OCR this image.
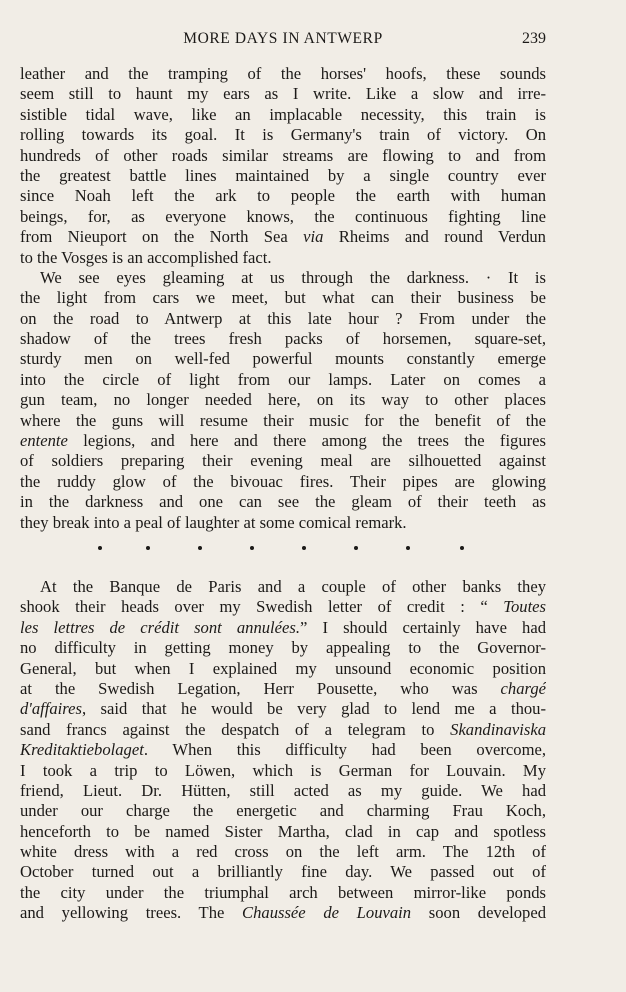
MORE DAYS IN ANTWERP	239
leather and the tramping of the horses' hoofs, these sounds
seem still to haunt my ears as I write. Like a slow and irre-
sistible tidal wave, like an implacable necessity, this train is
rolling towards its goal. It is Germany's train of victory. On
hundreds of other roads similar streams are flowing to and from
the greatest battle lines maintained by a single country ever
since Noah left the ark to people the earth with human
beings, for, as everyone knows, the continuous fighting line
from Nieuport on the North Sea via Rheims and round Verdun
to the Vosges is an accomplished fact.
We see eyes gleaming at us through the darkness. · It is
the light from cars we meet, but what can their business be
on the road to Antwerp at this late hour ? From under the
shadow of the trees fresh packs of horsemen, square-set,
sturdy men on well-fed powerful mounts constantly emerge
into the circle of light from our lamps. Later on comes a
gun team, no longer needed here, on its way to other places
where the guns will resume their music for the benefit of the
entente legions, and here and there among the trees the figures
of soldiers preparing their evening meal are silhouetted against
the ruddy glow of the bivouac fires. Their pipes are glowing
in the darkness and one can see the gleam of their teeth as
they break into a peal of laughter at some comical remark.
At the Banque de Paris and a couple of other banks they
shook their heads over my Swedish letter of credit : “ Toutes
les lettres de crédit sont annulées.” I should certainly have had
no difficulty in getting money by appealing to the Governor-
General, but when I explained my unsound economic position
at the Swedish Legation, Herr Pousette, who was chargé
d'affaires, said that he would be very glad to lend me a thou-
sand francs against the despatch of a telegram to Skandinaviska
Kreditaktiebolaget. When this difficulty had been overcome,
I took a trip to Löwen, which is German for Louvain. My
friend, Lieut. Dr. Hütten, still acted as my guide. We had
under our charge the energetic and charming Frau Koch,
henceforth to be named Sister Martha, clad in cap and spotless
white dress with a red cross on the left arm. The 12th of
October turned out a brilliantly fine day. We passed out of
the city under the triumphal arch between mirror-like ponds
and yellowing trees. The Chaussée de Louvain soon developed
